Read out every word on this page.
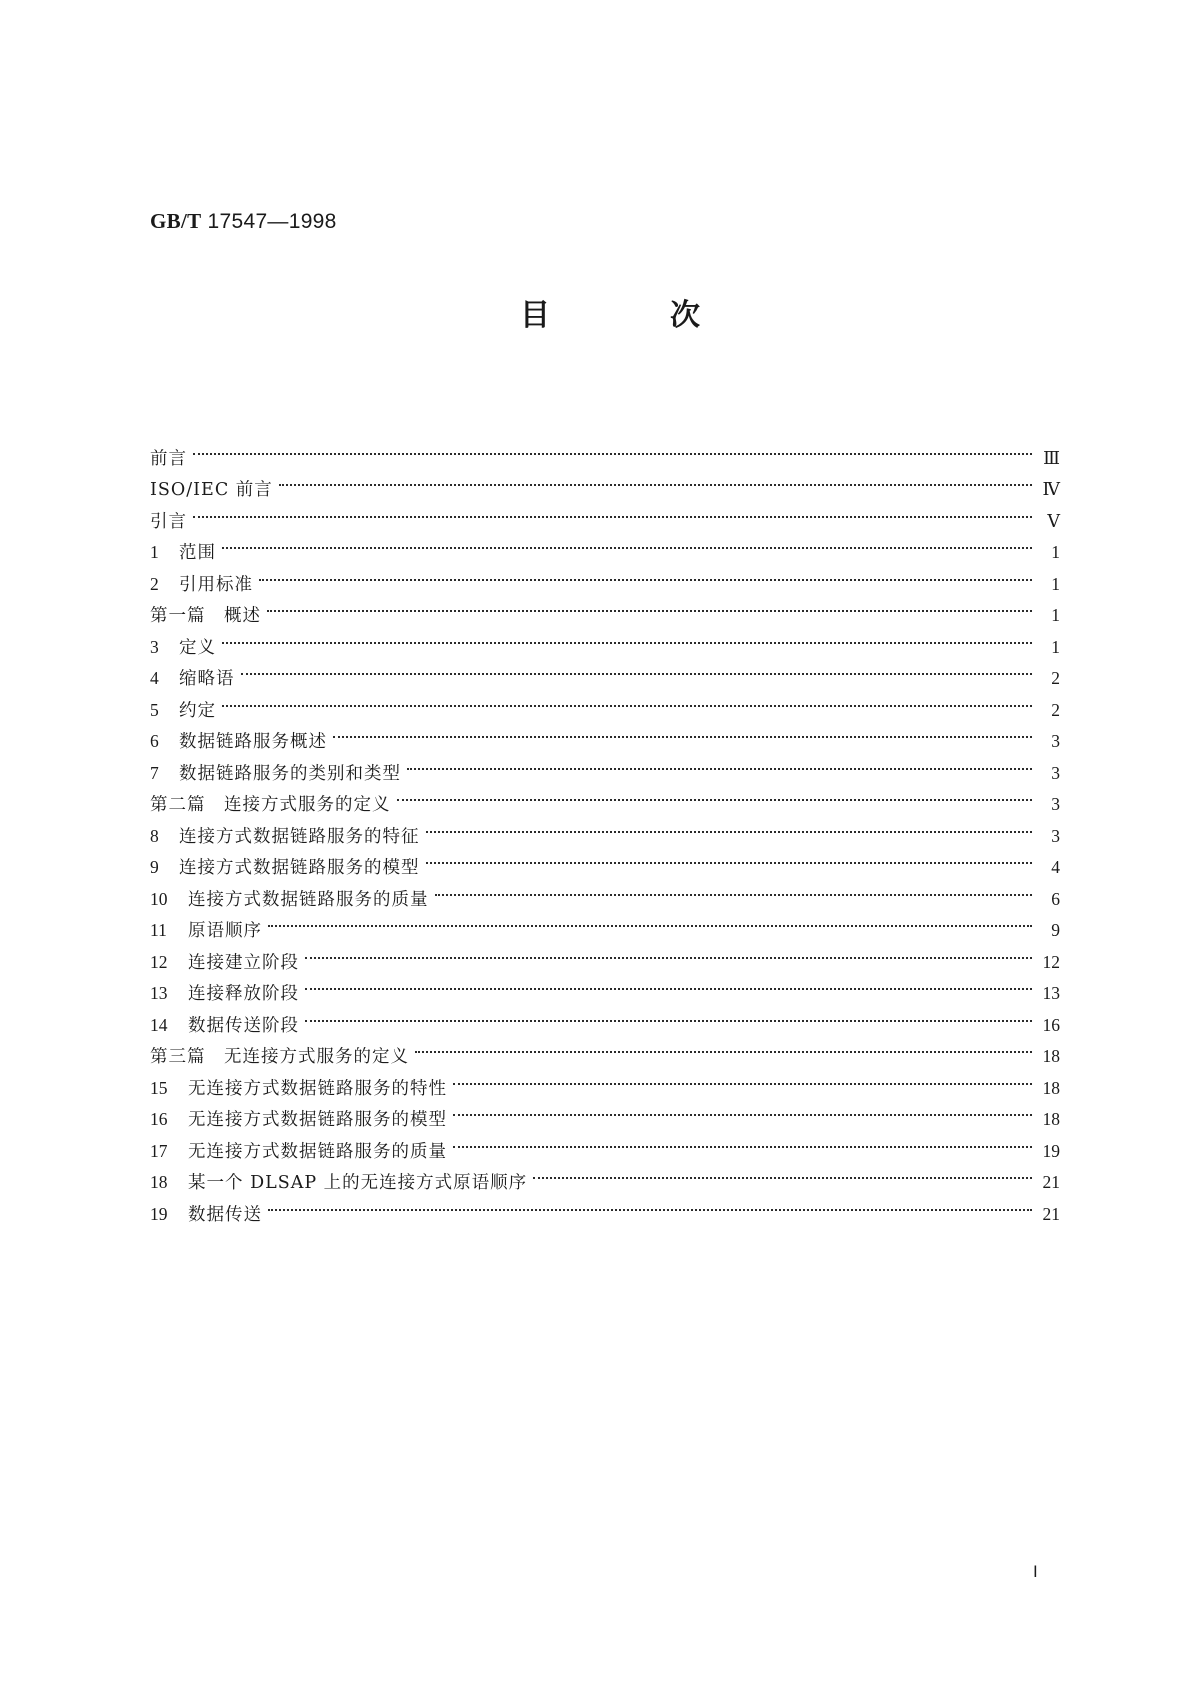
GB/T 17547—1998
目	次
前言	Ⅲ
ISO/IEC 前言	Ⅳ
引言	Ⅴ
1	范围	1
2	引用标准	1
第一篇　概述	1
3	定义	1
4	缩略语	2
5	约定	2
6	数据链路服务概述	3
7	数据链路服务的类别和类型	3
第二篇　连接方式服务的定义	3
8	连接方式数据链路服务的特征	3
9	连接方式数据链路服务的模型	4
10	连接方式数据链路服务的质量	6
11	原语顺序	9
12	连接建立阶段	12
13	连接释放阶段	13
14	数据传送阶段	16
第三篇　无连接方式服务的定义	18
15	无连接方式数据链路服务的特性	18
16	无连接方式数据链路服务的模型	18
17	无连接方式数据链路服务的质量	19
18	某一个 DLSAP 上的无连接方式原语顺序	21
19	数据传送	21
Ⅰ
